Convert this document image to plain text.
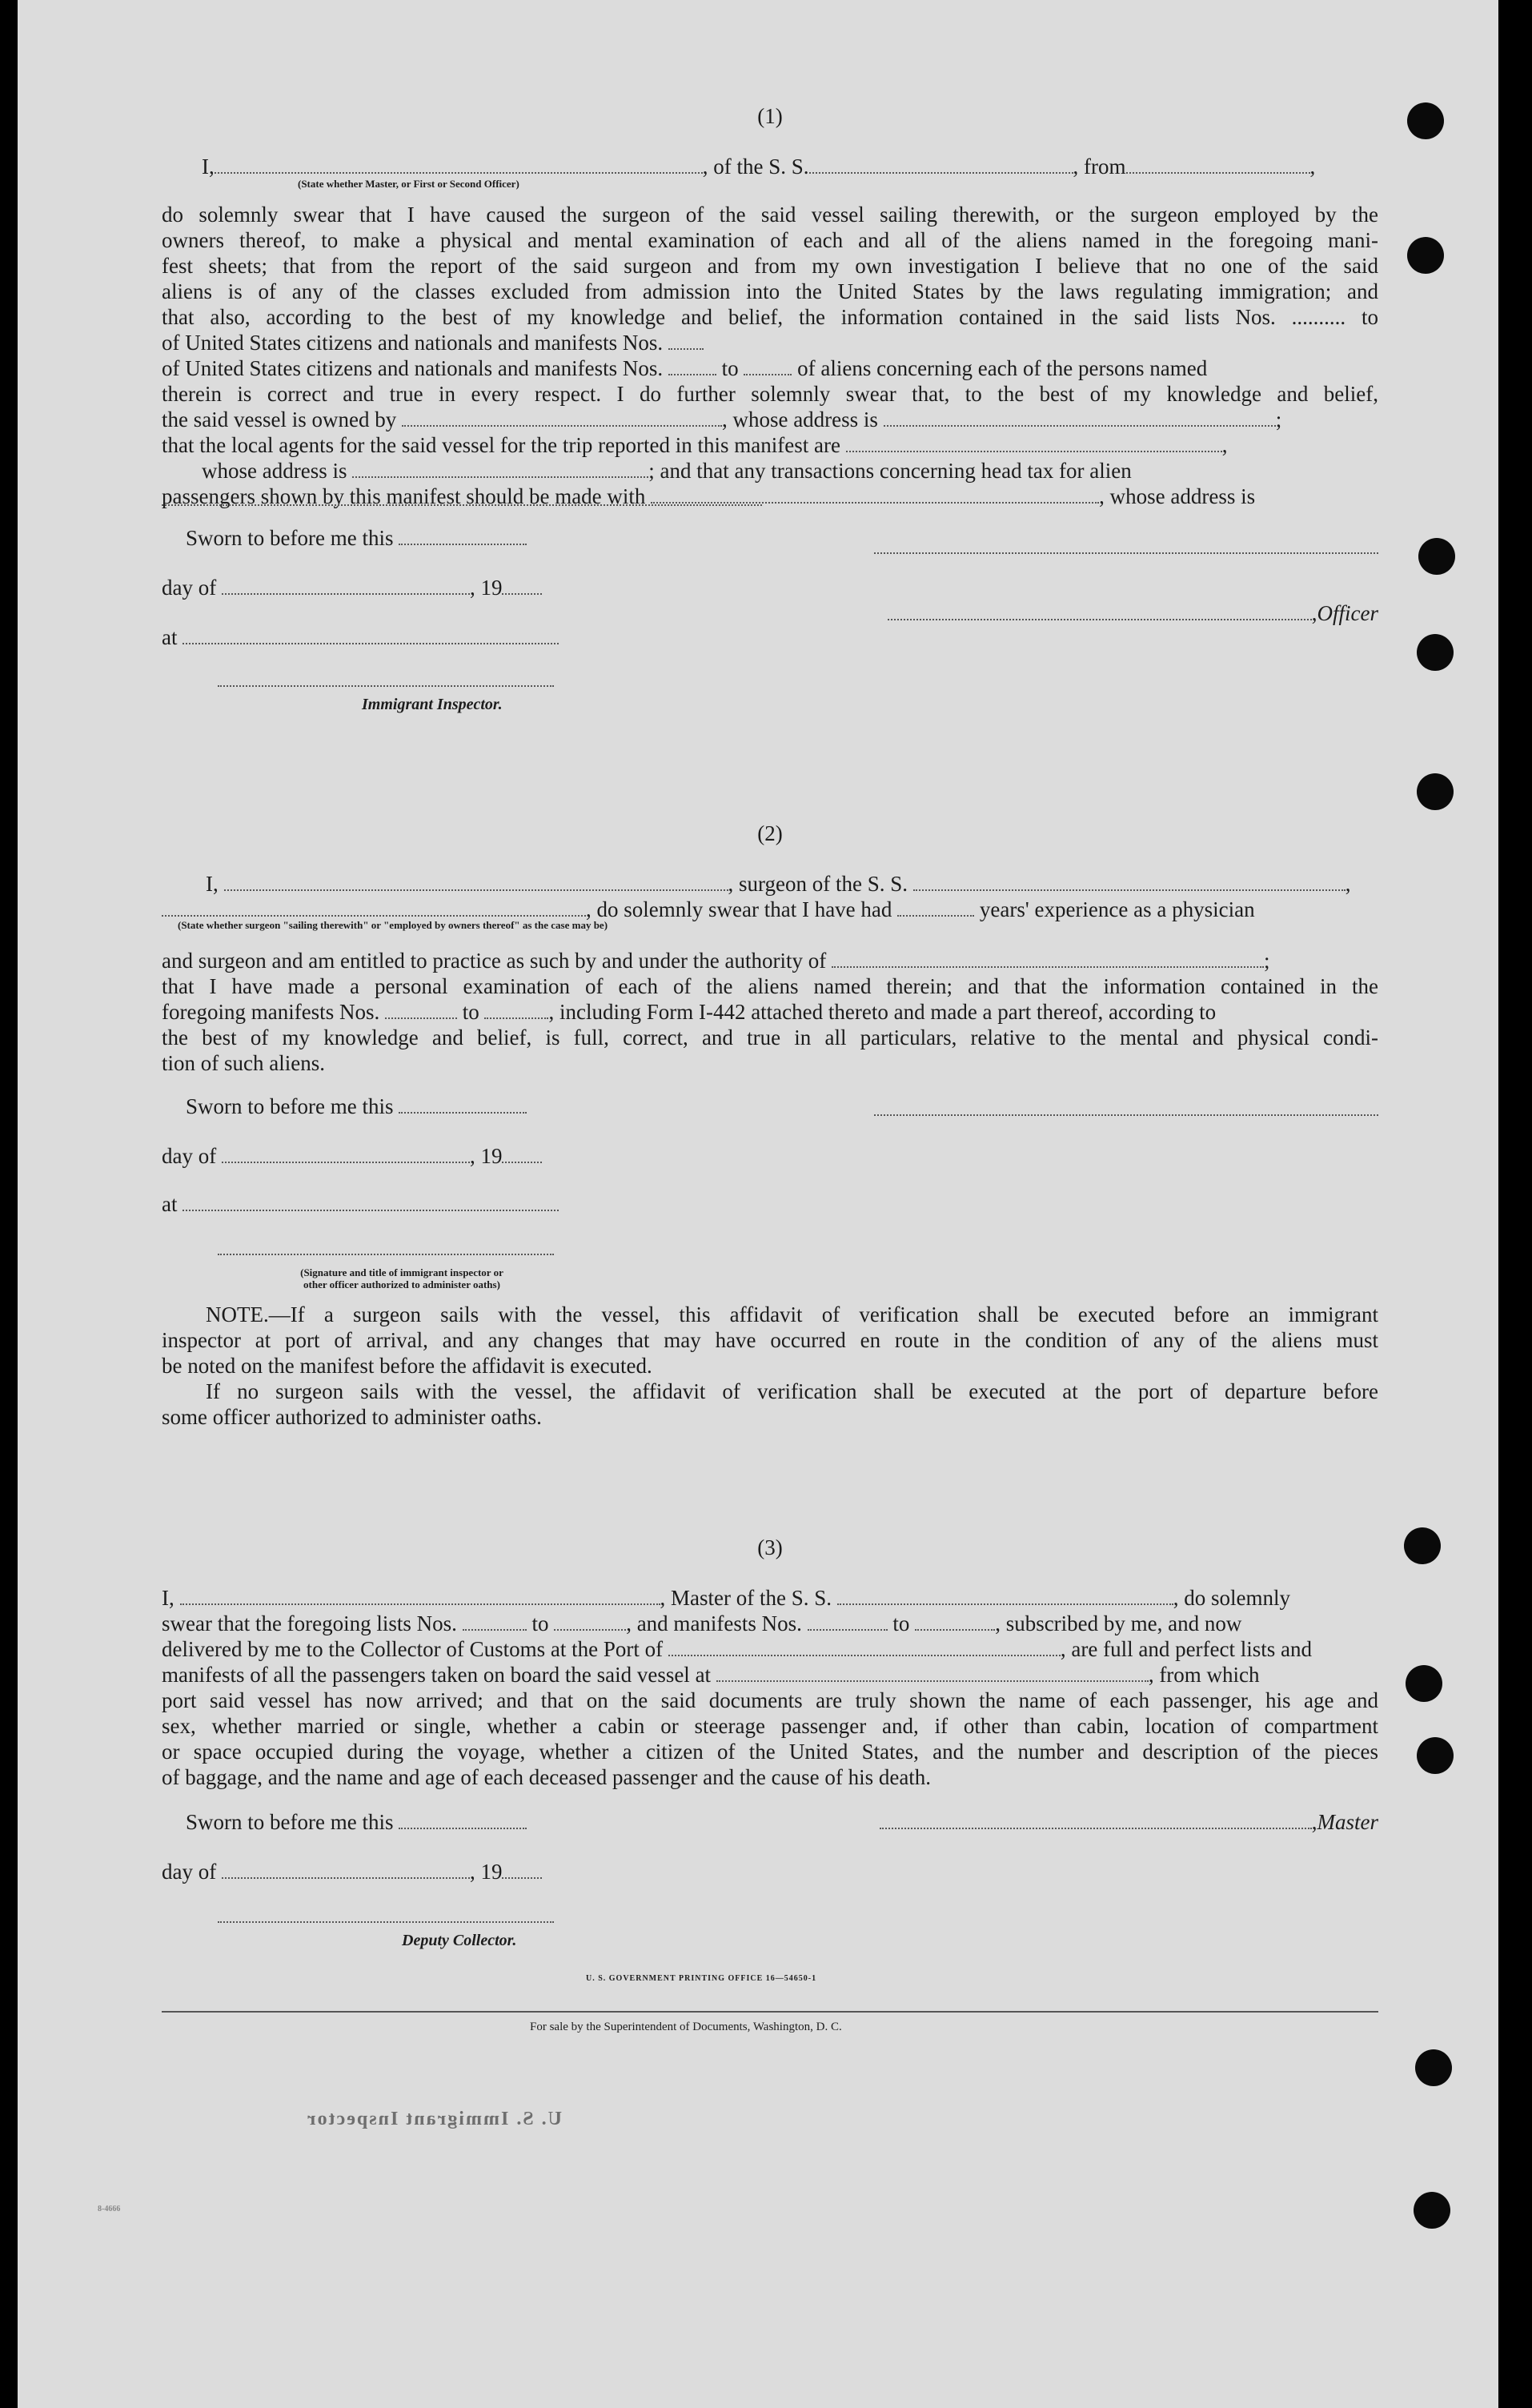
(1)
I,	, of the S. S.	, from	,
(State whether Master, or First or Second Officer)
do solemnly swear that I have caused the surgeon of the said vessel sailing therewith, or the surgeon employed by the
owners thereof, to make a physical and mental examination of each and all of the aliens named in the foregoing mani-
fest sheets; that from the report of the said surgeon and from my own investigation I believe that no one of the said
aliens is of any of the classes excluded from admission into the United States by the laws regulating immigration; and
that also, according to the best of my knowledge and belief, the information contained in the said lists Nos. .......... to
of United States citizens and nationals and manifests Nos.
of United States citizens and nationals and manifests Nos.  to  of aliens concerning each of the persons named
therein is correct and true in every respect. I do further solemnly swear that, to the best of my knowledge and belief,
the said vessel is owned by	, whose address is	;
that the local agents for the said vessel for the trip reported in this manifest are	,
whose address is	; and that any transactions concerning head tax for alien
passengers shown by this manifest should be made with	, whose address is
Sworn to before me this
day of	, 19
,Officer
at
Immigrant Inspector.
(2)
I,	, surgeon of the S. S.	,
, do solemnly swear that I have had	years' experience as a physician
(State whether surgeon "sailing therewith" or "employed by owners thereof" as the case may be)
and surgeon and am entitled to practice as such by and under the authority of	;
that I have made a personal examination of each of the aliens named therein; and that the information contained in the
foregoing manifests Nos.	to	, including Form I-442 attached thereto and made a part thereof, according to
the best of my knowledge and belief, is full, correct, and true in all particulars, relative to the mental and physical condi-
tion of such aliens.
Sworn to before me this
day of	, 19
at
(Signature and title of immigrant inspector or
other officer authorized to administer oaths)
NOTE.—If a surgeon sails with the vessel, this affidavit of verification shall be executed before an immigrant
inspector at port of arrival, and any changes that may have occurred en route in the condition of any of the aliens must
be noted on the manifest before the affidavit is executed.
If no surgeon sails with the vessel, the affidavit of verification shall be executed at the port of departure before
some officer authorized to administer oaths.
(3)
I,	, Master of the S. S.	, do solemnly
swear that the foregoing lists Nos.	to	, and manifests Nos.	to	, subscribed by me, and now
delivered by me to the Collector of Customs at the Port of	, are full and perfect lists and
manifests of all the passengers taken on board the said vessel at	, from which
port said vessel has now arrived; and that on the said documents are truly shown the name of each passenger, his age and
sex, whether married or single, whether a cabin or steerage passenger and, if other than cabin, location of compartment
or space occupied during the voyage, whether a citizen of the United States, and the number and description of the pieces
of baggage, and the name and age of each deceased passenger and the cause of his death.
Sworn to before me this	,Master
day of	, 19
Deputy Collector.
U. S. GOVERNMENT PRINTING OFFICE 16—54650-1
For sale by the Superintendent of Documents, Washington, D. C.
U. S. Immigrant Inspector
8-4666
